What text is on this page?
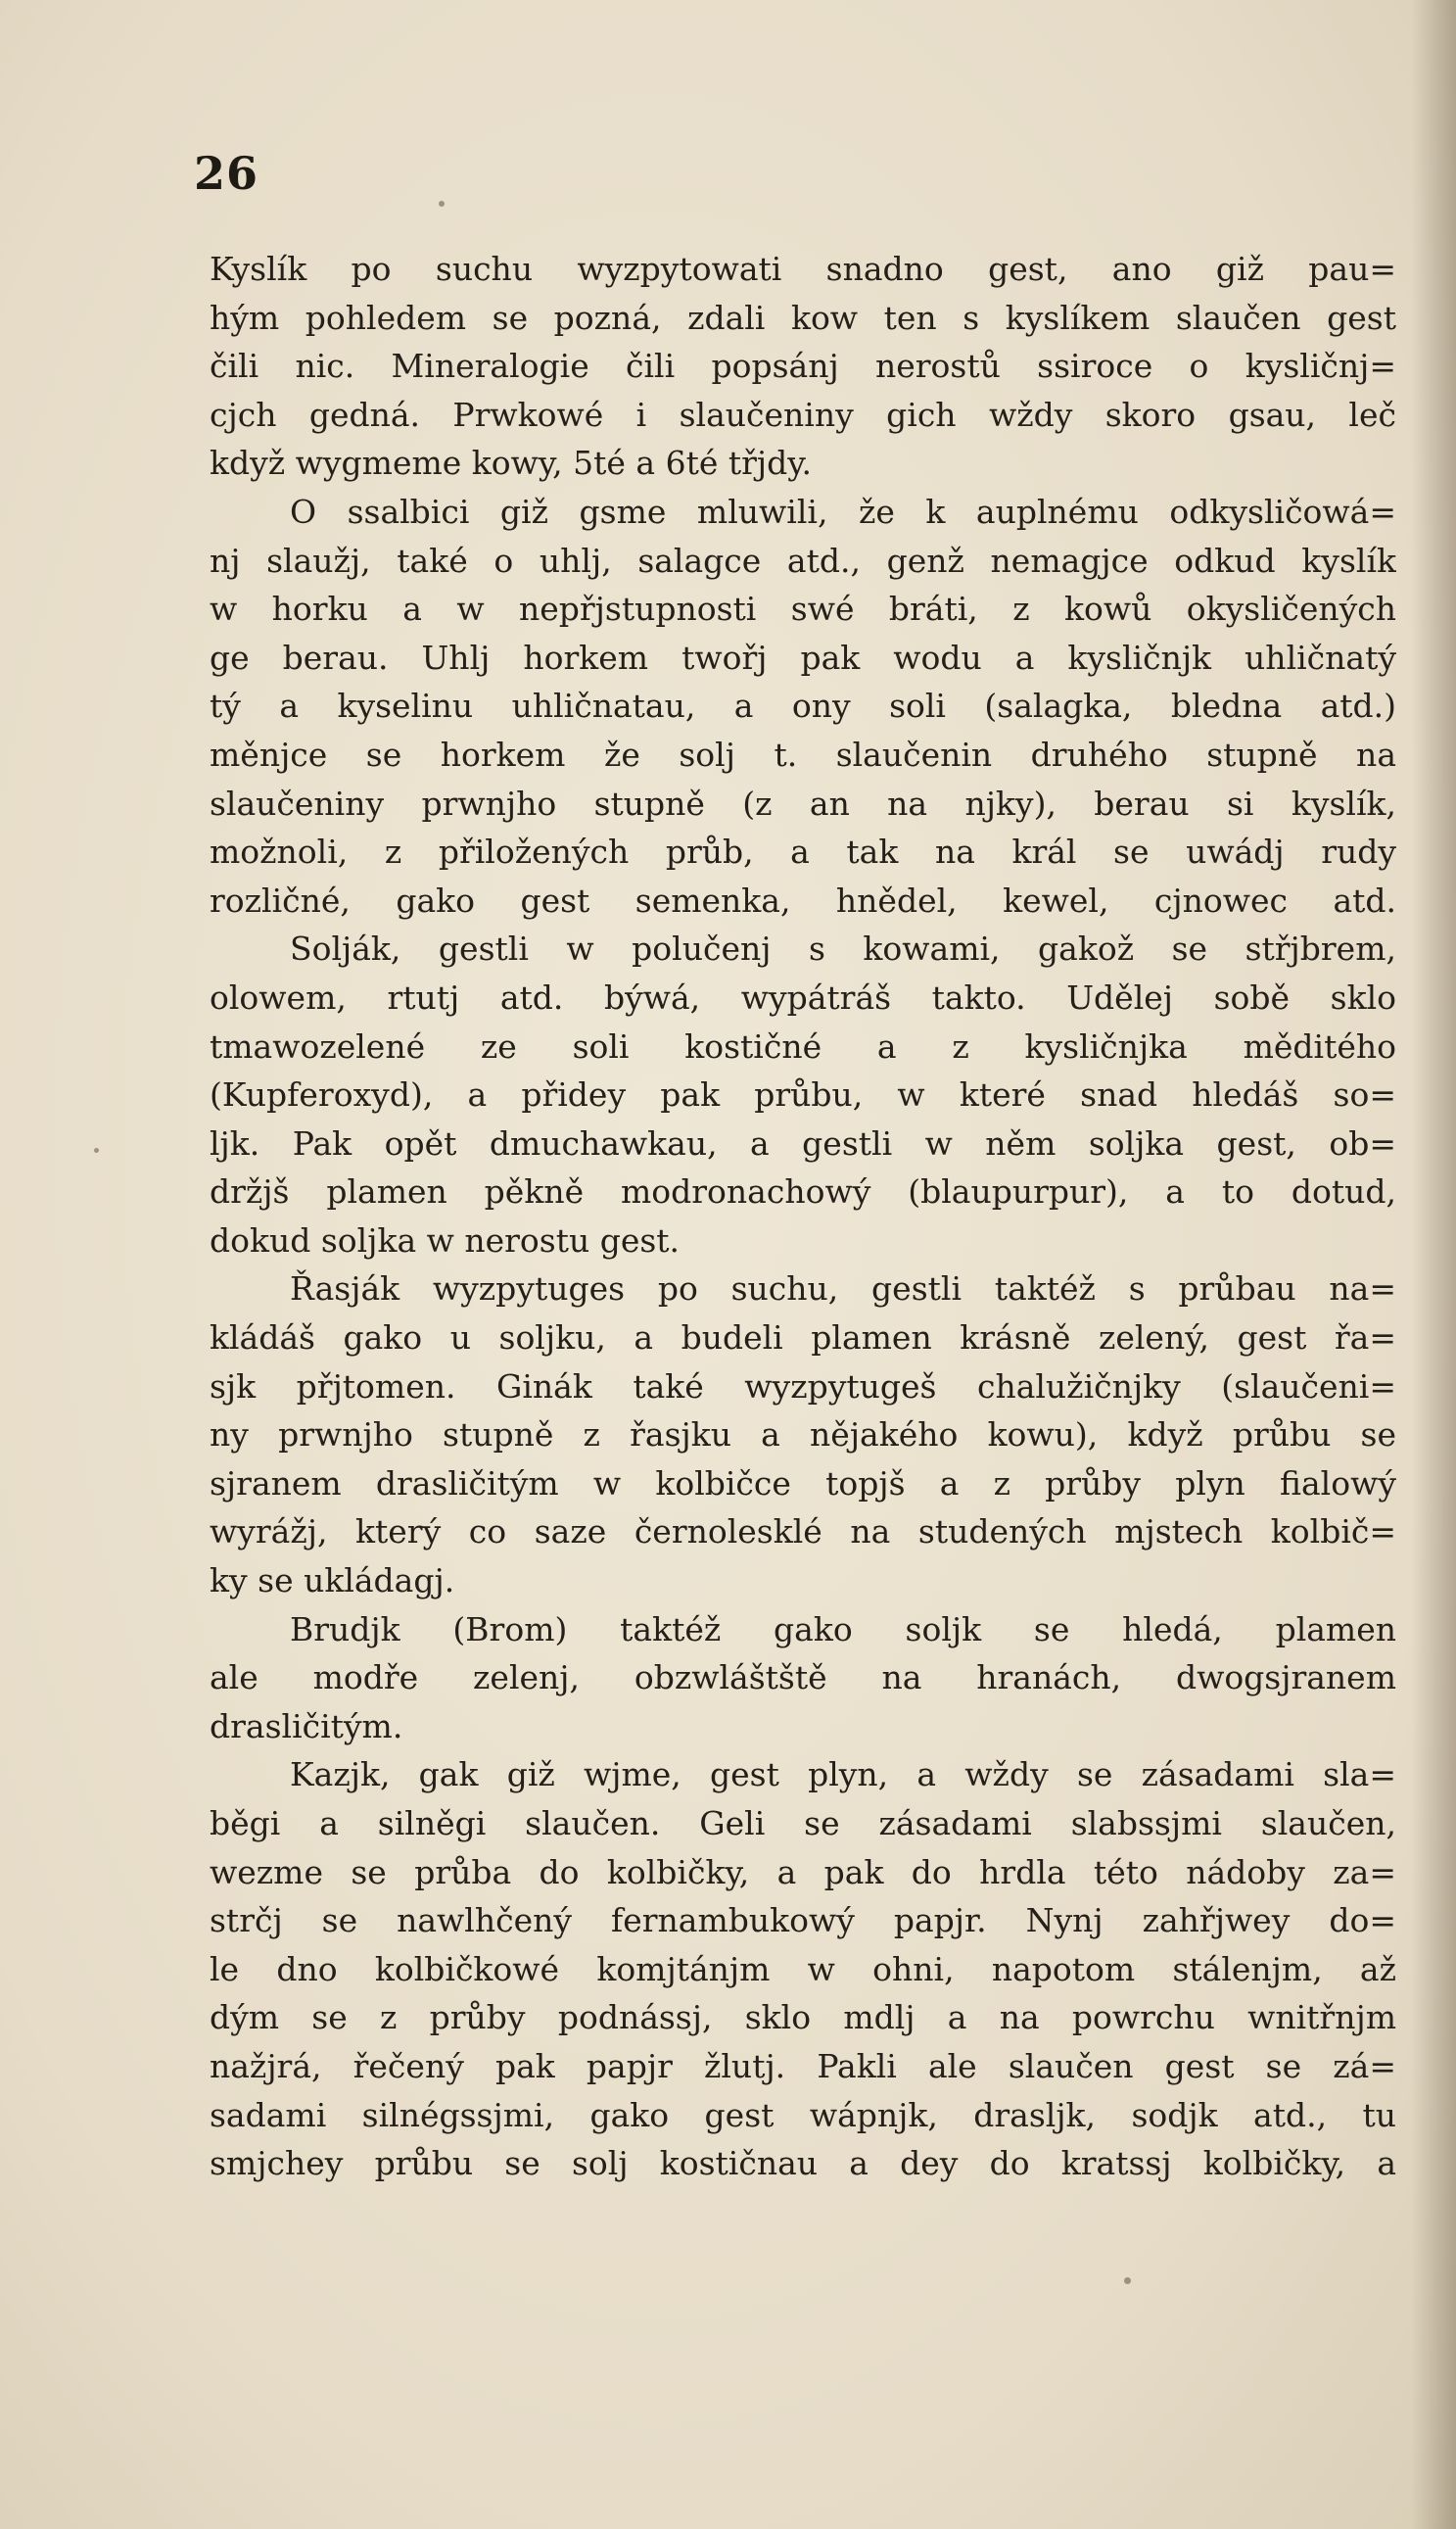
26
Kyslík po suchu wyzpytowati snadno gest, ano giž pau=
hým pohledem se pozná, zdali kow ten s kyslíkem slaučen gest
čili nic. Mineralogie čili popsánj nerostů ssiroce o kysličnj=
cjch gedná. Prwkowé i slaučeniny gich wždy skoro gsau, leč
když wygmeme kowy, 5té a 6té třjdy.
O ssalbici giž gsme mluwili, že k auplnému odkysličowá=
nj slaužj, také o uhlj, salagce atd., genž nemagjce odkud kyslík
w horku a w nepřjstupnosti swé bráti, z kowů okysličených
ge berau. Uhlj horkem twořj pak wodu a kysličnjk uhličnatý
tý a kyselinu uhličnatau, a ony soli (salagka, bledna atd.)
měnjce se horkem že solj t. slaučenin druhého stupně na
slaučeniny prwnjho stupně (z an na njky), berau si kyslík,
možnoli, z přiložených průb, a tak na král se uwádj rudy
rozličné, gako gest semenka, hnědel, kewel, cjnowec atd.
Solják, gestli w polučenj s kowami, gakož se střjbrem,
olowem, rtutj atd. býwá, wypátráš takto. Udělej sobě sklo
tmawozelené ze soli kostičné a z kysličnjka měditého
(Kupferoxyd), a přidey pak průbu, w které snad hledáš so=
ljk. Pak opět dmuchawkau, a gestli w něm soljka gest, ob=
držjš plamen pěkně modronachowý (blaupurpur), a to dotud,
dokud soljka w nerostu gest.
Řasják wyzpytuges po suchu, gestli taktéž s průbau na=
kládáš gako u soljku, a budeli plamen krásně zelený, gest řa=
sjk přjtomen. Ginák také wyzpytugeš chalužičnjky (slaučeni=
ny prwnjho stupně z řasjku a nějakého kowu), když průbu se
sjranem drasličitým w kolbičce topjš a z průby plyn fialowý
wyrážj, který co saze černolesklé na studených mjstech kolbič=
ky se ukládagj.
Brudjk (Brom) taktéž gako soljk se hledá, plamen
ale modře zelenj, obzwláštště na hranách, dwogsjranem
drasličitým.
Kazjk, gak giž wjme, gest plyn, a wždy se zásadami sla=
běgi a silněgi slaučen. Geli se zásadami slabssjmi slaučen,
wezme se průba do kolbičky, a pak do hrdla této nádoby za=
strčj se nawlhčený fernambukowý papjr. Nynj zahřjwey do=
le dno kolbičkowé komjtánjm w ohni, napotom stálenjm, až
dým se z průby podnássj, sklo mdlj a na powrchu wnitřnjm
nažjrá, řečený pak papjr žlutj. Pakli ale slaučen gest se zá=
sadami silnégssjmi, gako gest wápnjk, drasljk, sodjk atd., tu
smjchey průbu se solj kostičnau a dey do kratssj kolbičky, a
